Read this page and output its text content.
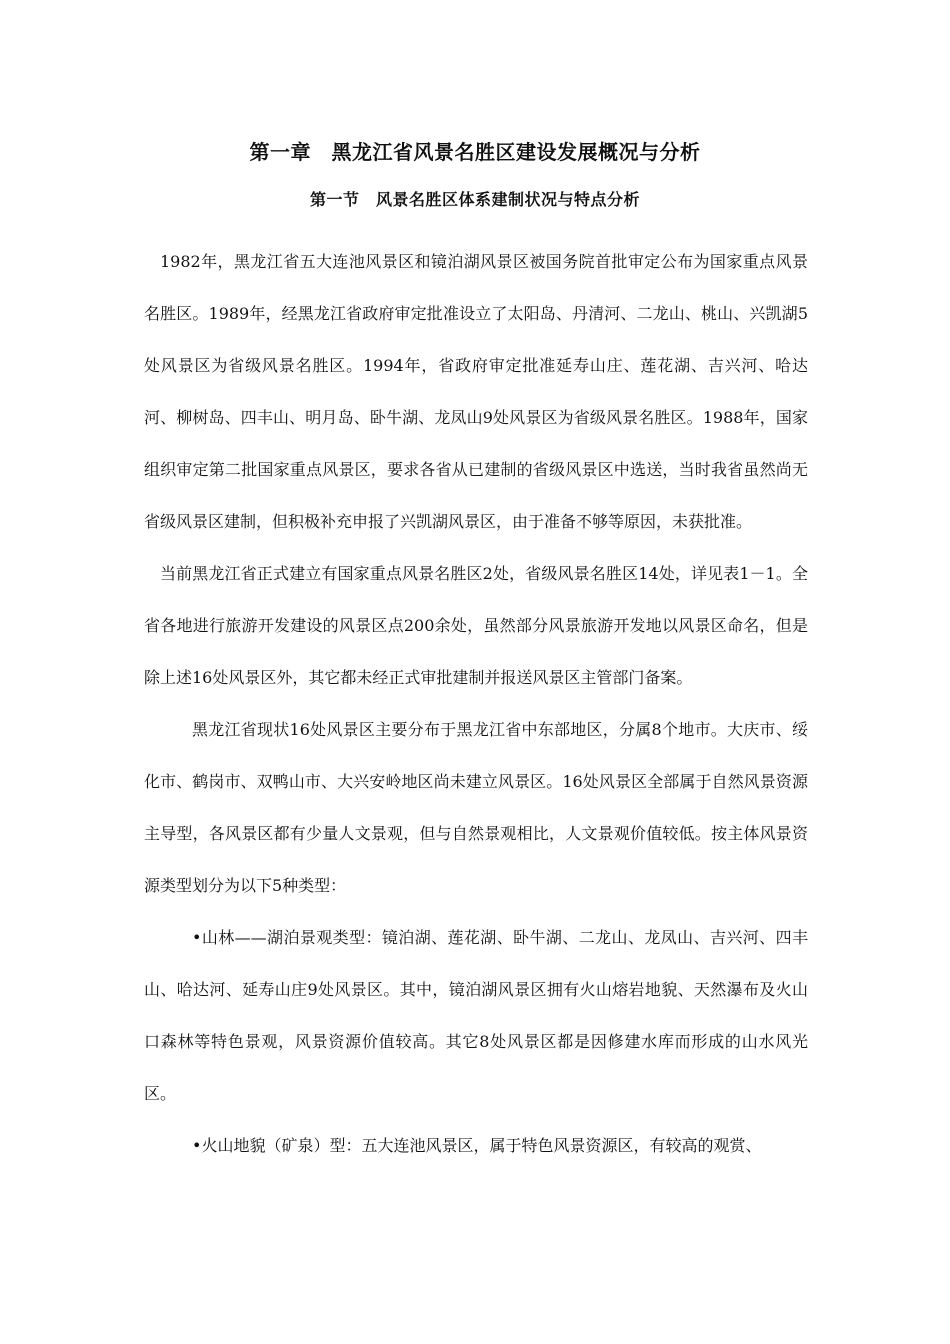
第一章　黑龙江省风景名胜区建设发展概况与分析
第一节　风景名胜区体系建制状况与特点分析

1982年，黑龙江省五大连池风景区和镜泊湖风景区被国务院首批审定公布为国家重点风景名胜区。1989年，经黑龙江省政府审定批准设立了太阳岛、丹清河、二龙山、桃山、兴凯湖5处风景区为省级风景名胜区。1994年，省政府审定批准延寿山庄、莲花湖、吉兴河、哈达河、柳树岛、四丰山、明月岛、卧牛湖、龙凤山9处风景区为省级风景名胜区。1988年，国家组织审定第二批国家重点风景区，要求各省从已建制的省级风景区中选送，当时我省虽然尚无省级风景区建制，但积极补充申报了兴凯湖风景区，由于准备不够等原因，未获批准。

当前黑龙江省正式建立有国家重点风景名胜区2处，省级风景名胜区14处，详见表1－1。全省各地进行旅游开发建设的风景区点200余处，虽然部分风景旅游开发地以风景区命名，但是除上述16处风景区外，其它都未经正式审批建制并报送风景区主管部门备案。

黑龙江省现状16处风景区主要分布于黑龙江省中东部地区，分属8个地市。大庆市、绥化市、鹤岗市、双鸭山市、大兴安岭地区尚未建立风景区。16处风景区全部属于自然风景资源主导型，各风景区都有少量人文景观，但与自然景观相比，人文景观价值较低。按主体风景资源类型划分为以下5种类型：

•山林——湖泊景观类型：镜泊湖、莲花湖、卧牛湖、二龙山、龙凤山、吉兴河、四丰山、哈达河、延寿山庄9处风景区。其中，镜泊湖风景区拥有火山熔岩地貌、天然瀑布及火山口森林等特色景观，风景资源价值较高。其它8处风景区都是因修建水库而形成的山水风光区。

•火山地貌（矿泉）型：五大连池风景区，属于特色风景资源区，有较高的观赏、
